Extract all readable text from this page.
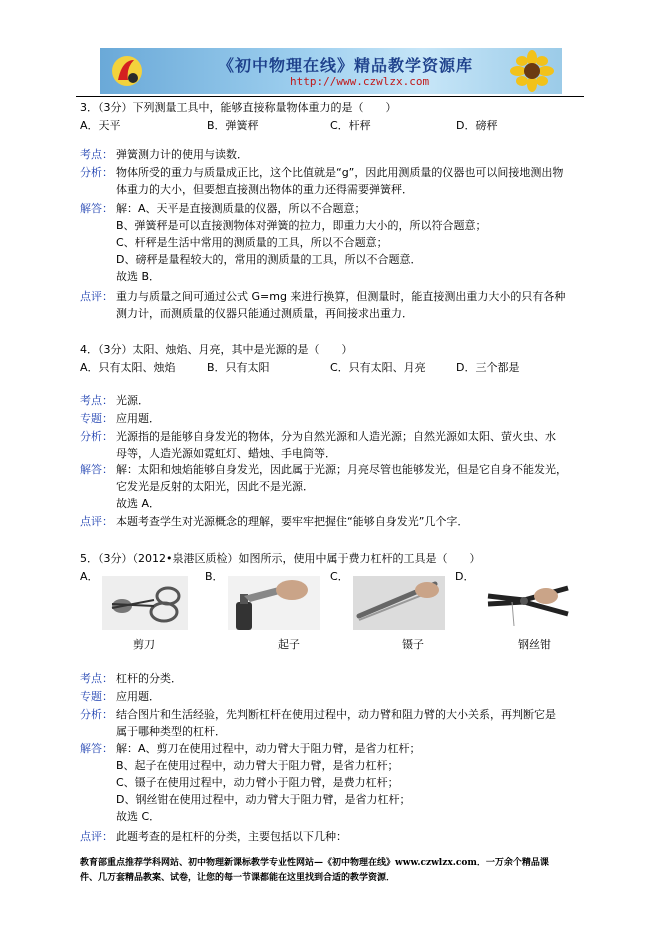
《初中物理在线》精品教学资源库
http://www.czwlzx.com
3．（3分）下列测量工具中，能够直接称量物体重力的是（　　）
A．天平	B．弹簧秤	C．杆秤	D．磅秤
考点： 弹簧测力计的使用与读数．
分析： 物体所受的重力与质量成正比，这个比值就是“g”，因此用测质量的仪器也可以间接地测出物
体重力的大小，但要想直接测出物体的重力还得需要弹簧秤．
解答： 解：A、天平是直接测质量的仪器，所以不合题意；
B、弹簧秤是可以直接测物体对弹簧的拉力，即重力大小的，所以符合题意；
C、杆秤是生活中常用的测质量的工具，所以不合题意；
D、磅秤是量程较大的，常用的测质量的工具，所以不合题意．
故选 B．
点评： 重力与质量之间可通过公式 G=mg 来进行换算，但测量时，能直接测出重力大小的只有各种
测力计，而测质量的仪器只能通过测质量，再间接求出重力．
4．（3分）太阳、烛焰、月亮，其中是光源的是（　　）
A．只有太阳、烛焰	B．只有太阳	C．只有太阳、月亮	D．三个都是
考点： 光源．
专题： 应用题．
分析： 光源指的是能够自身发光的物体，分为自然光源和人造光源；自然光源如太阳、萤火虫、水
母等，人造光源如霓虹灯、蜡烛、手电筒等．
解答： 解：太阳和烛焰能够自身发光，因此属于光源；月亮尽管也能够发光，但是它自身不能发光，
它发光是反射的太阳光，因此不是光源．
故选 A．
点评： 本题考查学生对光源概念的理解，要牢牢把握住“能够自身发光”几个字．
5．（3分）（2012•泉港区质检）如图所示，使用中属于费力杠杆的工具是（　　）
A．	B．	C．	D．
剪刀	起子	镊子	钢丝钳
考点： 杠杆的分类．
专题： 应用题．
分析： 结合图片和生活经验，先判断杠杆在使用过程中，动力臂和阻力臂的大小关系，再判断它是
属于哪种类型的杠杆．
解答： 解：A、剪刀在使用过程中，动力臂大于阻力臂，是省力杠杆；
B、起子在使用过程中，动力臂大于阻力臂，是省力杠杆；
C、镊子在使用过程中，动力臂小于阻力臂，是费力杠杆；
D、钢丝钳在使用过程中，动力臂大于阻力臂，是省力杠杆；
故选 C．
点评： 此题考查的是杠杆的分类，主要包括以下几种：
教育部重点推荐学科网站、初中物理新课标教学专业性网站—《初中物理在线》www.czwlzx.com．一万余个精品课
件、几万套精品教案、试卷，让您的每一节课都能在这里找到合适的教学资源．
